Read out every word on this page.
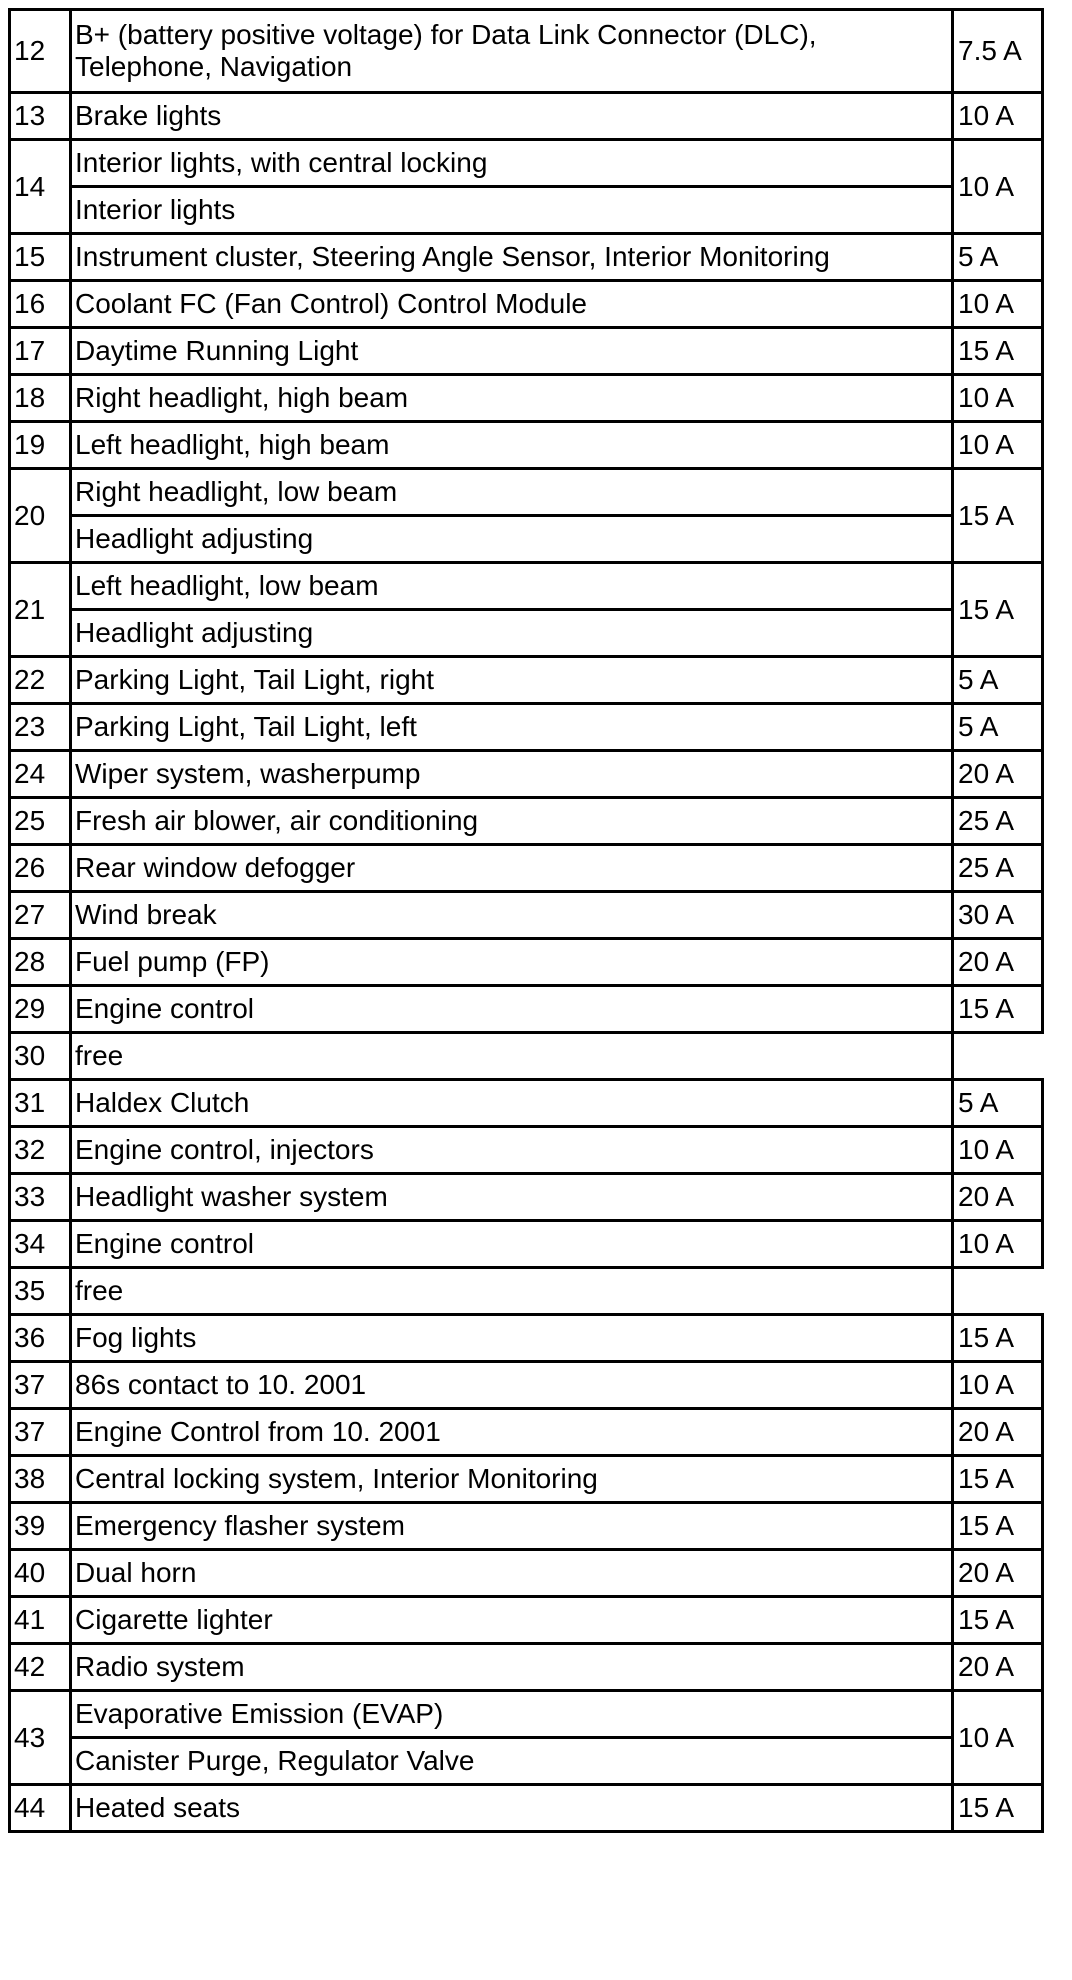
12	B+ (battery positive voltage) for Data Link Connector (DLC), Telephone, Navigation	7.5 A
13	Brake lights	10 A
14	Interior lights, with central locking	10 A
	Interior lights	
15	Instrument cluster, Steering Angle Sensor, Interior Monitoring	5 A
16	Coolant FC (Fan Control) Control Module	10 A
17	Daytime Running Light	15 A
18	Right headlight, high beam	10 A
19	Left headlight, high beam	10 A
20	Right headlight, low beam	15 A
	Headlight adjusting	
21	Left headlight, low beam	15 A
	Headlight adjusting	
22	Parking Light, Tail Light, right	5 A
23	Parking Light, Tail Light, left	5 A
24	Wiper system, washerpump	20 A
25	Fresh air blower, air conditioning	25 A
26	Rear window defogger	25 A
27	Wind break	30 A
28	Fuel pump (FP)	20 A
29	Engine control	15 A
30	free	
31	Haldex Clutch	5 A
32	Engine control, injectors	10 A
33	Headlight washer system	20 A
34	Engine control	10 A
35	free	
36	Fog lights	15 A
37	86s contact to 10. 2001	10 A
37	Engine Control from 10. 2001	20 A
38	Central locking system, Interior Monitoring	15 A
39	Emergency flasher system	15 A
40	Dual horn	20 A
41	Cigarette lighter	15 A
42	Radio system	20 A
43	Evaporative Emission (EVAP)	10 A
	Canister Purge, Regulator Valve	
44	Heated seats	15 A
